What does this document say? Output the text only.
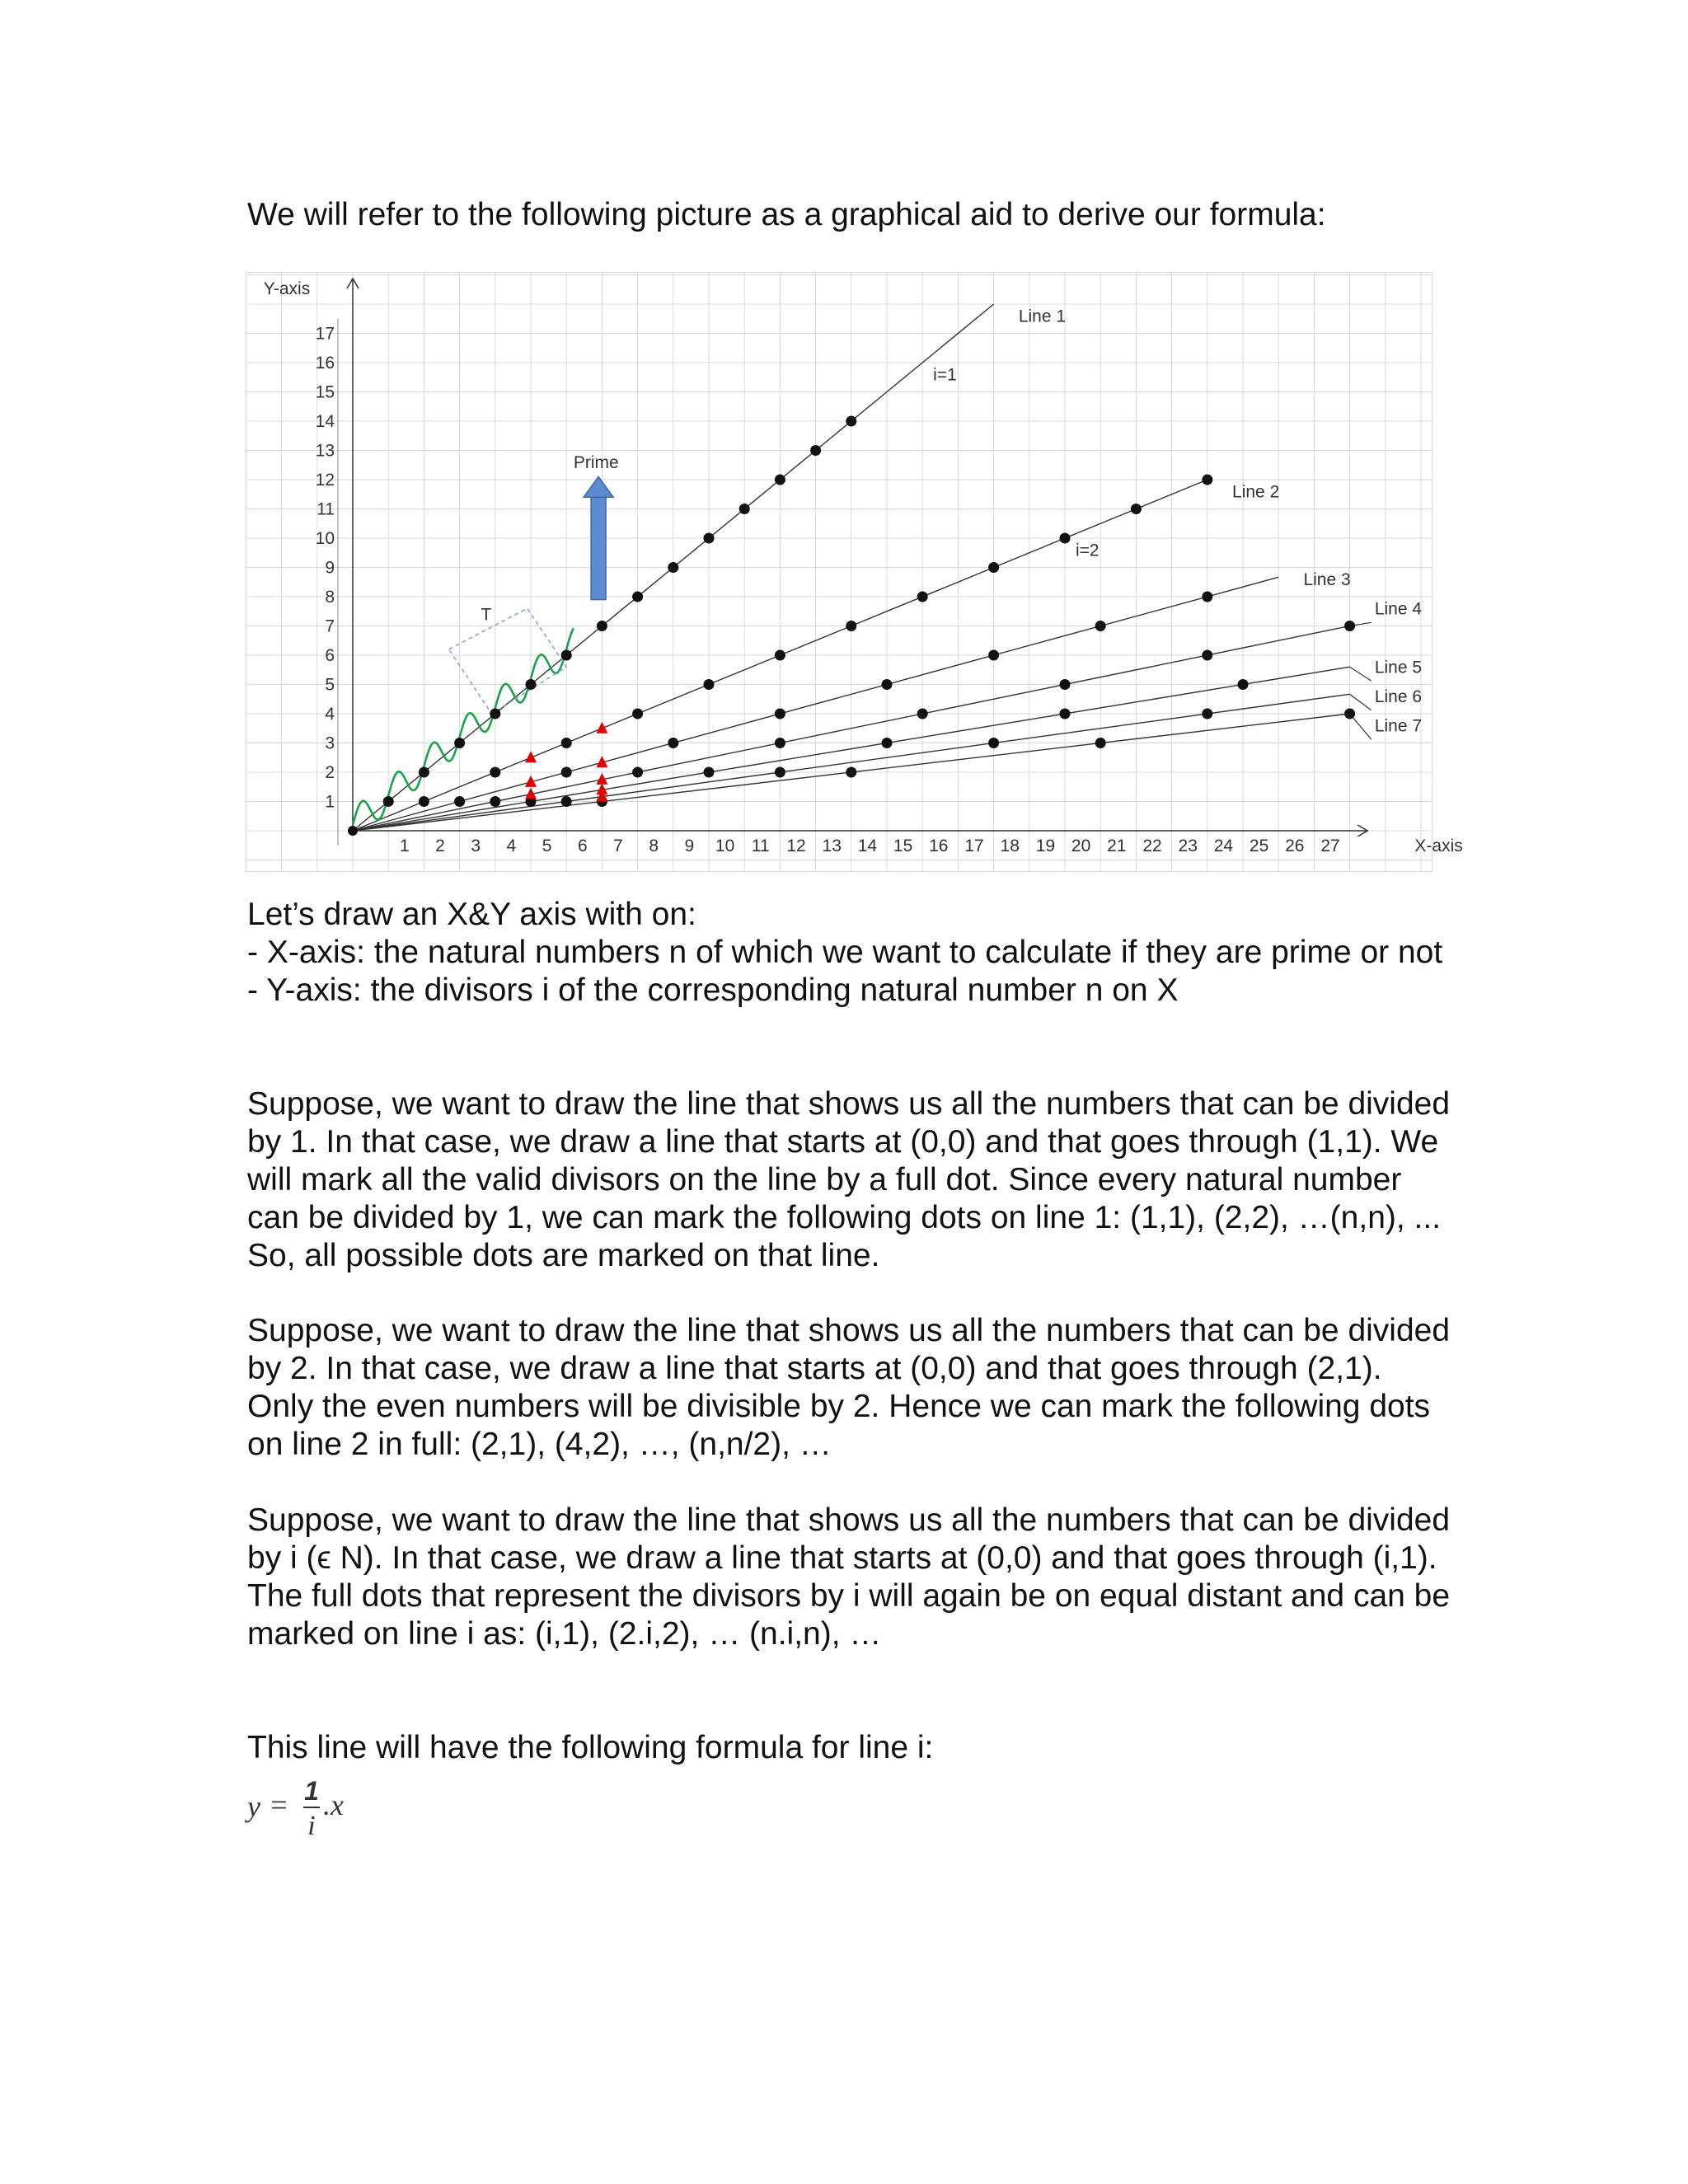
We will refer to the following picture as a graphical aid to derive our formula:
1 2 3 4 5 6 7 8 9 10 11 12 13 14 15 16 17 18 19 20 21 22 23 24 25 26 27
1
2
3
4
5
6
7
8
9
10
11
12
13
14
15
16
17
X-axis
Y-axis
Line 1
Line 2
Line 3
Line 4
Line 5
Line 6
Line 7
i=1
i=2
Prime
T

Let’s draw an X&Y axis with on:

- X-axis: the natural numbers n of which we want to calculate if they are prime or not

- Y-axis: the divisors i of the corresponding natural number n on X

Suppose, we want to draw the line that shows us all the numbers that can be divided by 1. In that case, we draw a line that starts at (0,0) and that goes through (1,1). We will mark all the valid divisors on the line by a full dot. Since every natural number can be divided by 1, we can mark the following dots on line 1: (1,1), (2,2), …(n,n), ... So, all possible dots are marked on that line.

Suppose, we want to draw the line that shows us all the numbers that can be divided by 2. In that case, we draw a line that starts at (0,0) and that goes through (2,1). Only the even numbers will be divisible by 2. Hence we can mark the following dots on line 2 in full: (2,1), (4,2), …, (n,n/2), …

Suppose, we want to draw the line that shows us all the numbers that can be divided by i (ϵ N). In that case, we draw a line that starts at (0,0) and that goes through (i,1).

The full dots that represent the divisors by i will again be on equal distant and can be marked on line i as: (i,1), (2.i,2), … (n.i,n), …

This line will have the following formula for line i:

y = 1
i
.x
